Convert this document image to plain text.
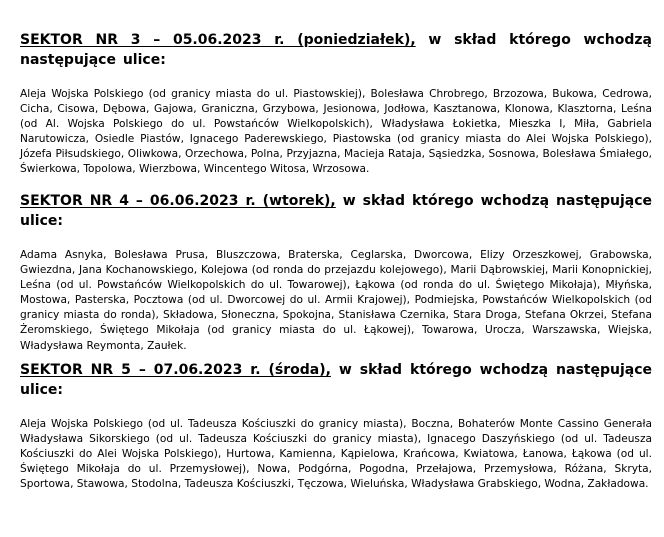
SEKTOR NR 3 – 05.06.2023 r. (poniedziałek), w skład którego wchodzą następujące ulice:
Aleja Wojska Polskiego (od granicy miasta do ul. Piastowskiej), Bolesława Chrobrego, Brzozowa, Bukowa, Cedrowa, Cicha, Cisowa, Dębowa, Gajowa, Graniczna, Grzybowa, Jesionowa, Jodłowa, Kasztanowa, Klonowa, Klasztorna, Leśna (od Al. Wojska Polskiego do ul. Powstańców Wielkopolskich), Władysława Łokietka, Mieszka I, Miła, Gabriela Narutowicza, Osiedle Piastów, Ignacego Paderewskiego, Piastowska (od granicy miasta do Alei Wojska Polskiego), Józefa Piłsudskiego, Oliwkowa, Orzechowa, Polna, Przyjazna, Macieja Rataja, Sąsiedzka, Sosnowa, Bolesława Śmiałego, Świerkowa, Topolowa, Wierzbowa, Wincentego Witosa, Wrzosowa.
SEKTOR NR 4 – 06.06.2023 r. (wtorek), w skład którego wchodzą następujące ulice:
Adama Asnyka, Bolesława Prusa, Bluszczowa, Braterska, Ceglarska, Dworcowa, Elizy Orzeszkowej, Grabowska, Gwiezdna, Jana Kochanowskiego, Kolejowa (od ronda do przejazdu kolejowego), Marii Dąbrowskiej, Marii Konopnickiej, Leśna (od ul. Powstańców Wielkopolskich do ul. Towarowej), Łąkowa (od ronda do ul. Świętego Mikołaja), Młyńska, Mostowa, Pasterska, Pocztowa (od ul. Dworcowej do ul. Armii Krajowej), Podmiejska, Powstańców Wielkopolskich (od granicy miasta do ronda), Składowa, Słoneczna, Spokojna, Stanisława Czernika, Stara Droga, Stefana Okrzei, Stefana Żeromskiego, Świętego Mikołaja (od granicy miasta do ul. Łąkowej), Towarowa, Urocza, Warszawska, Wiejska, Władysława Reymonta, Zaułek.
SEKTOR NR 5 – 07.06.2023 r. (środa), w skład którego wchodzą następujące ulice:
Aleja Wojska Polskiego (od ul. Tadeusza Kościuszki do granicy miasta), Boczna, Bohaterów Monte Cassino Generała Władysława Sikorskiego (od ul. Tadeusza Kościuszki do granicy miasta), Ignacego Daszyńskiego (od ul. Tadeusza Kościuszki do Alei Wojska Polskiego), Hurtowa, Kamienna, Kąpielowa, Krańcowa, Kwiatowa, Łanowa, Łąkowa (od ul. Świętego Mikołaja do ul. Przemysłowej), Nowa, Podgórna, Pogodna, Przełajowa, Przemysłowa, Różana, Skryta, Sportowa, Stawowa, Stodolna, Tadeusza Kościuszki, Tęczowa, Wieluńska, Władysława Grabskiego, Wodna, Zakładowa.
